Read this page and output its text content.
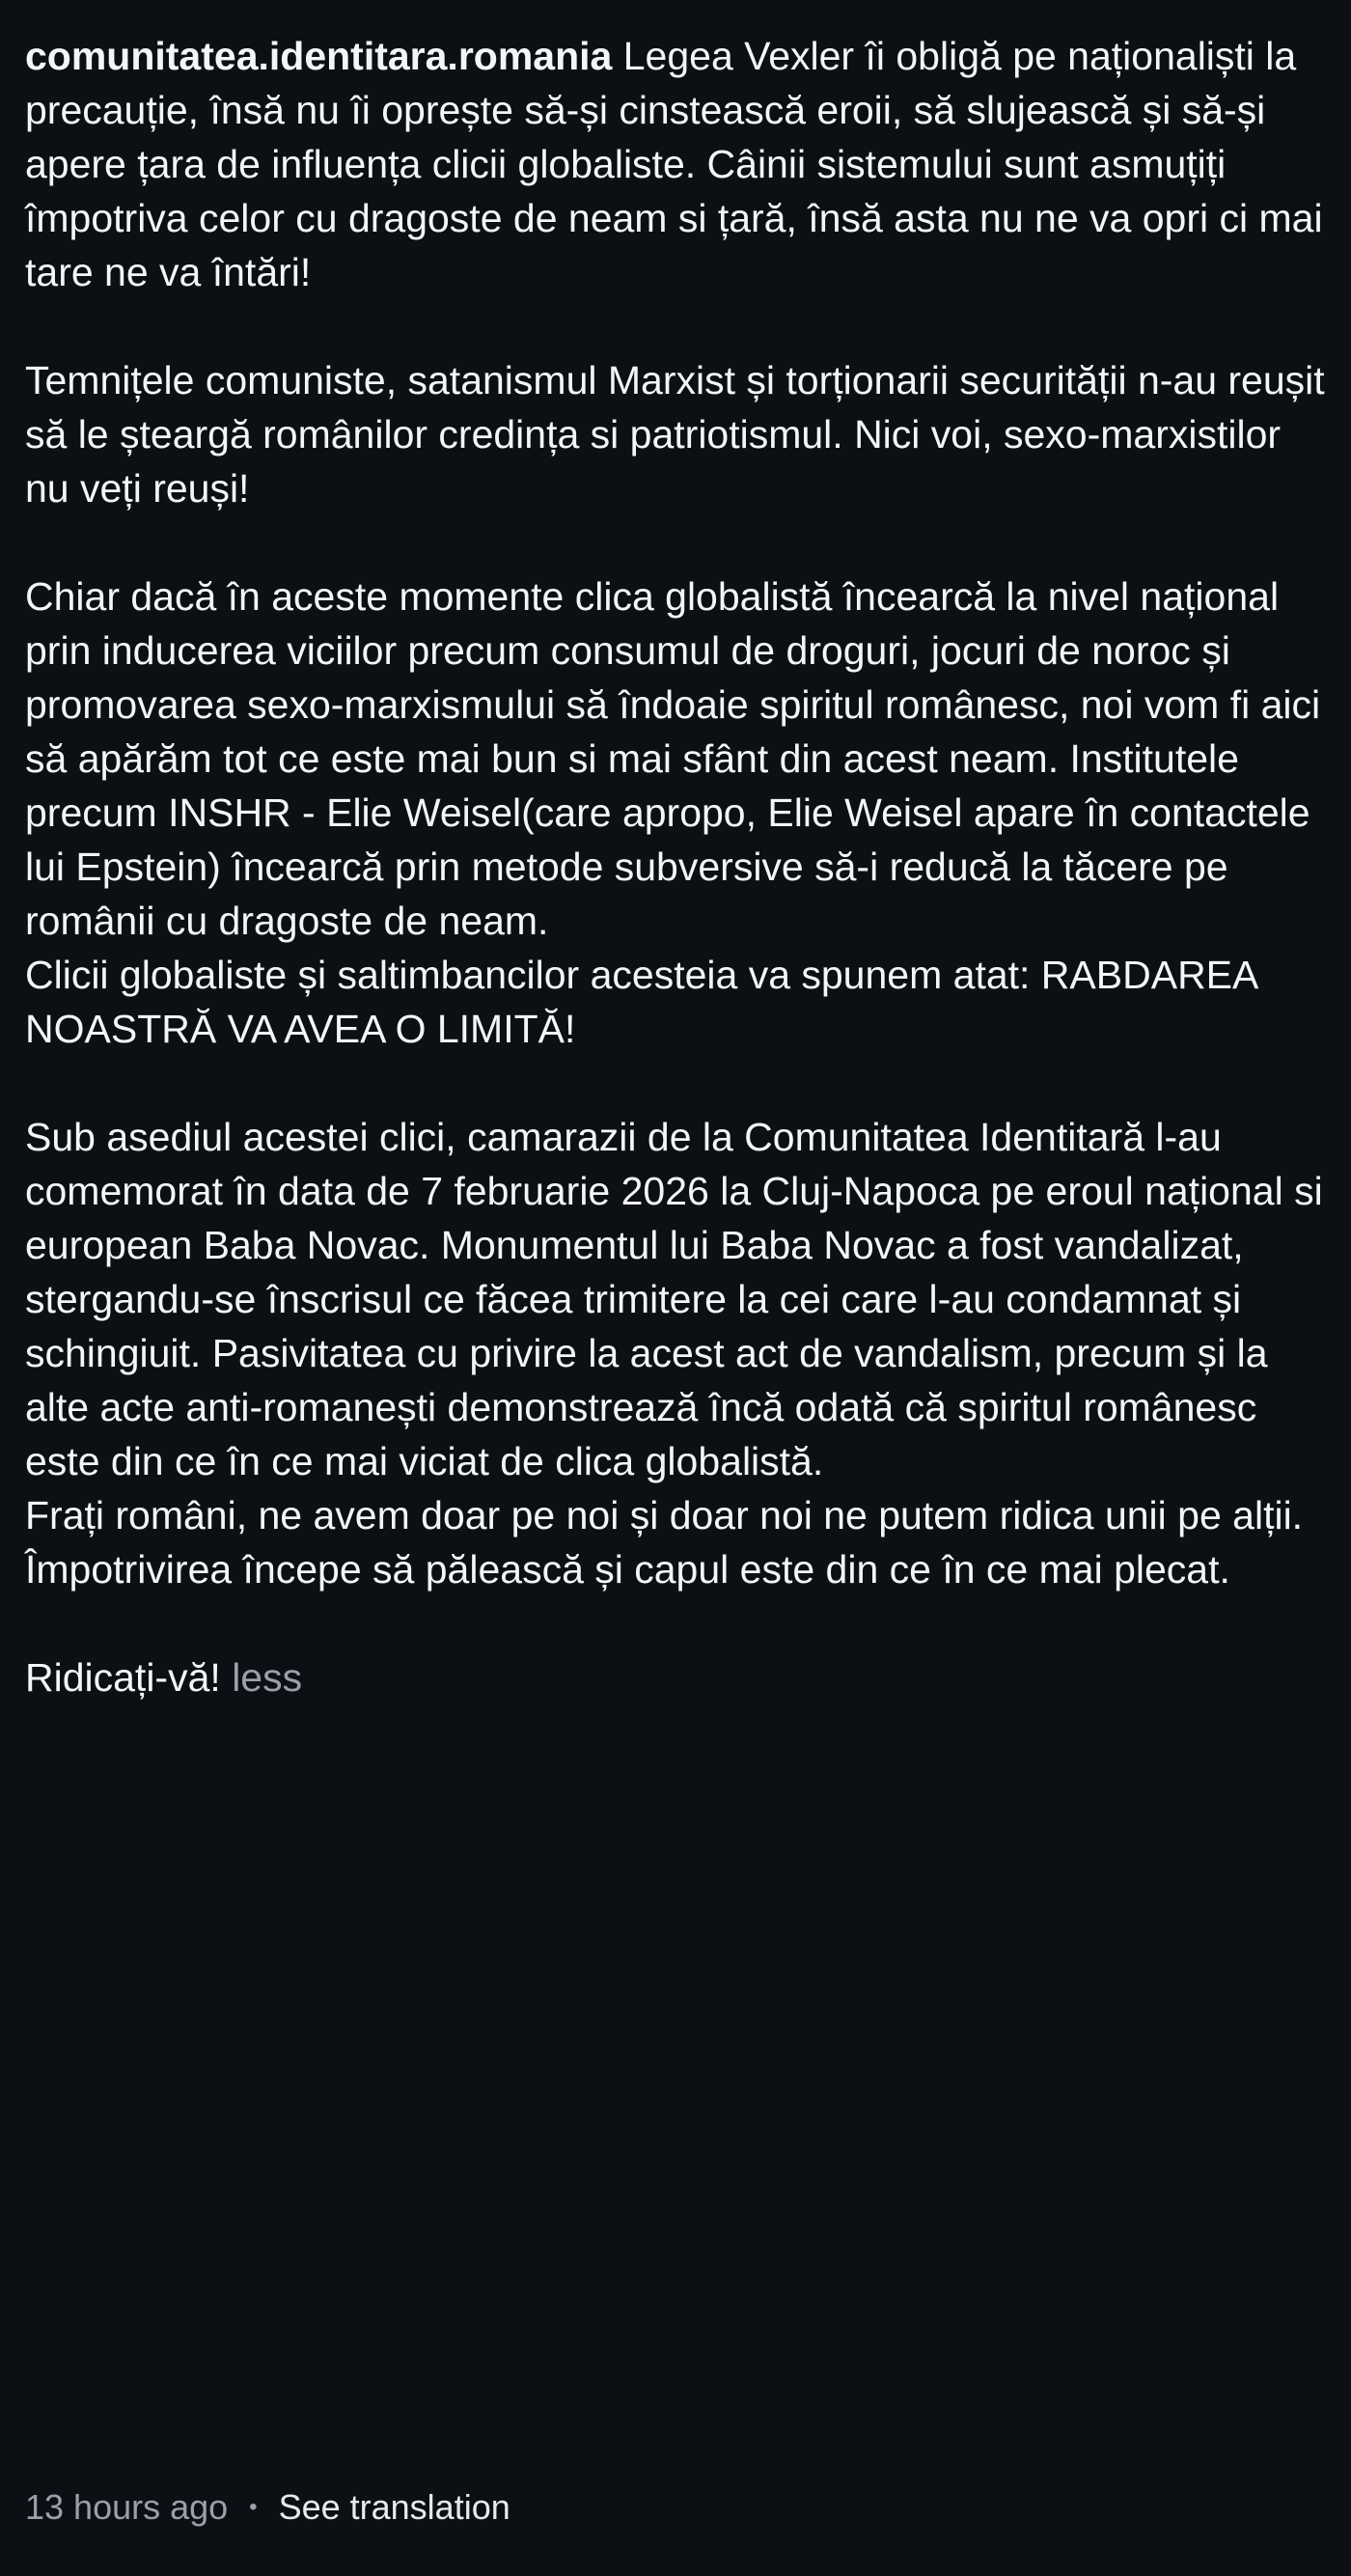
comunitatea.identitara.romania Legea Vexler îi obligă pe naționaliști la precauție, însă nu îi oprește să-și cinstească eroii, să slujească și să-și apere țara de influența clicii globaliste. Câinii sistemului sunt asmuțiți împotriva celor cu dragoste de neam si țară, însă asta nu ne va opri ci mai tare ne va întări!

Temnițele comuniste, satanismul Marxist și torționarii securității n-au reușit să le șteargă românilor credința si patriotismul. Nici voi, sexo-marxistilor nu veți reuși!

Chiar dacă în aceste momente clica globalistă încearcă la nivel național prin inducerea viciilor precum consumul de droguri, jocuri de noroc și promovarea sexo-marxismului să îndoaie spiritul românesc, noi vom fi aici să apărăm tot ce este mai bun si mai sfânt din acest neam. Institutele precum INSHR - Elie Weisel(care apropo, Elie Weisel apare în contactele lui Epstein) încearcă prin metode subversive să-i reducă la tăcere pe românii cu dragoste de neam.
Clicii globaliste și saltimbancilor acesteia va spunem atat: RABDAREA NOASTRĂ VA AVEA O LIMITĂ!

Sub asediul acestei clici, camarazii de la Comunitatea Identitară l-au comemorat în data de 7 februarie 2026 la Cluj-Napoca pe eroul național si european Baba Novac. Monumentul lui Baba Novac a fost vandalizat, stergandu-se înscrisul ce făcea trimitere la cei care l-au condamnat și schingiuit. Pasivitatea cu privire la acest act de vandalism, precum și la alte acte anti-romanești demonstrează încă odată că spiritul românesc este din ce în ce mai viciat de clica globalistă.
Frați români, ne avem doar pe noi și doar noi ne putem ridica unii pe alții. Împotrivirea începe să pălească și capul este din ce în ce mai plecat.

Ridicați-vă! less

13 hours ago • See translation
